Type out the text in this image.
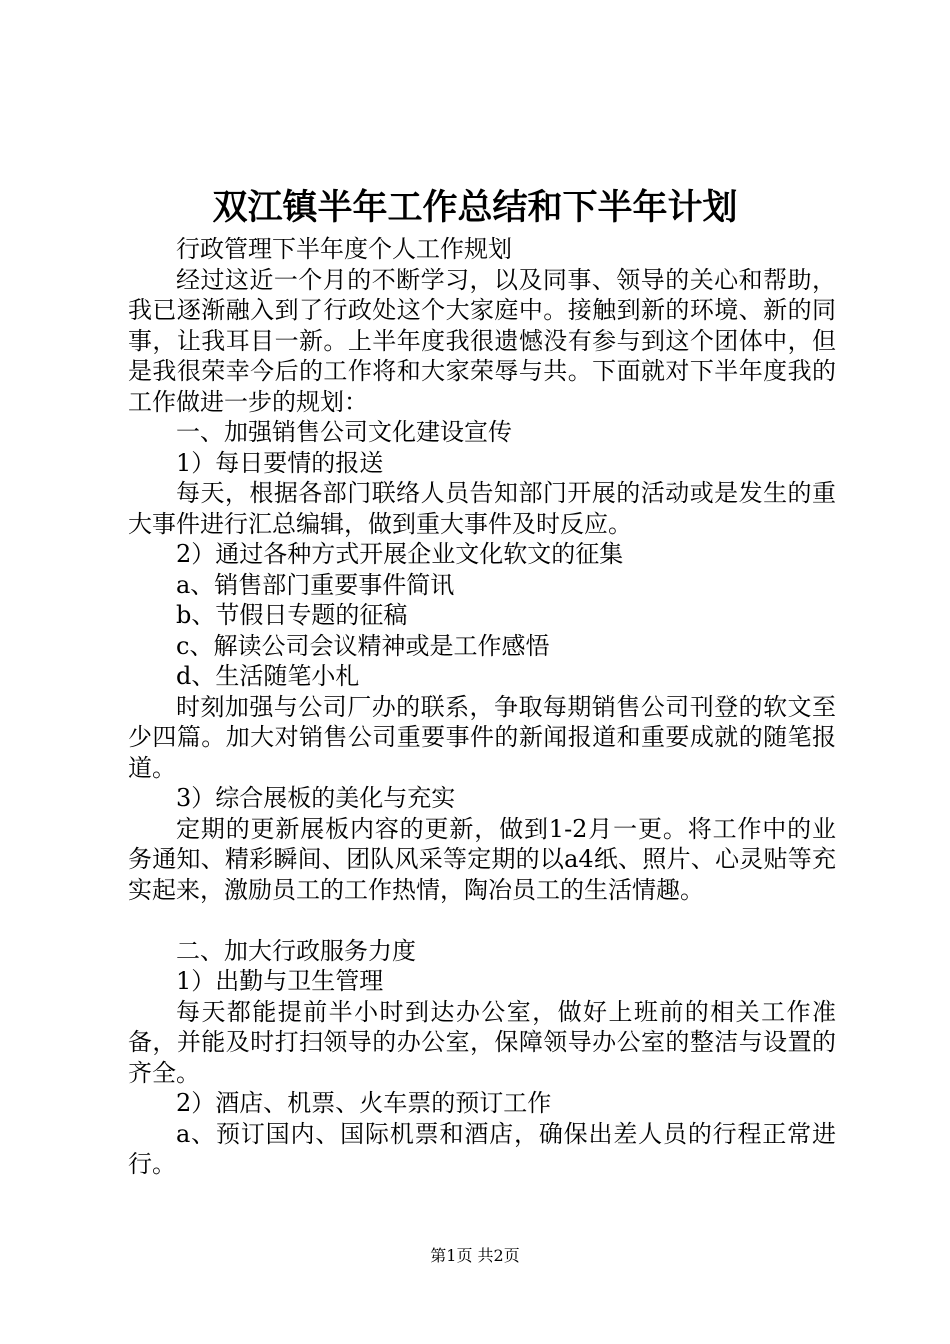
双江镇半年工作总结和下半年计划

行政管理下半年度个人工作规划

经过这近一个月的不断学习，以及同事、领导的关心和帮助，我已逐渐融入到了行政处这个大家庭中。接触到新的环境、新的同事，让我耳目一新。上半年度我很遗憾没有参与到这个团体中，但是我很荣幸今后的工作将和大家荣辱与共。下面就对下半年度我的工作做进一步的规划：

一、加强销售公司文化建设宣传

1）每日要情的报送

每天，根据各部门联络人员告知部门开展的活动或是发生的重大事件进行汇总编辑，做到重大事件及时反应。

2）通过各种方式开展企业文化软文的征集

a、销售部门重要事件简讯

b、节假日专题的征稿

c、解读公司会议精神或是工作感悟

d、生活随笔小札

时刻加强与公司厂办的联系，争取每期销售公司刊登的软文至少四篇。加大对销售公司重要事件的新闻报道和重要成就的随笔报道。

3）综合展板的美化与充实

定期的更新展板内容的更新，做到1-2月一更。将工作中的业务通知、精彩瞬间、团队风采等定期的以a4纸、照片、心灵贴等充实起来，激励员工的工作热情，陶冶员工的生活情趣。

二、加大行政服务力度

1）出勤与卫生管理

每天都能提前半小时到达办公室，做好上班前的相关工作准备，并能及时打扫领导的办公室，保障领导办公室的整洁与设置的齐全。

2）酒店、机票、火车票的预订工作

a、预订国内、国际机票和酒店，确保出差人员的行程正常进行。

第1页 共2页
